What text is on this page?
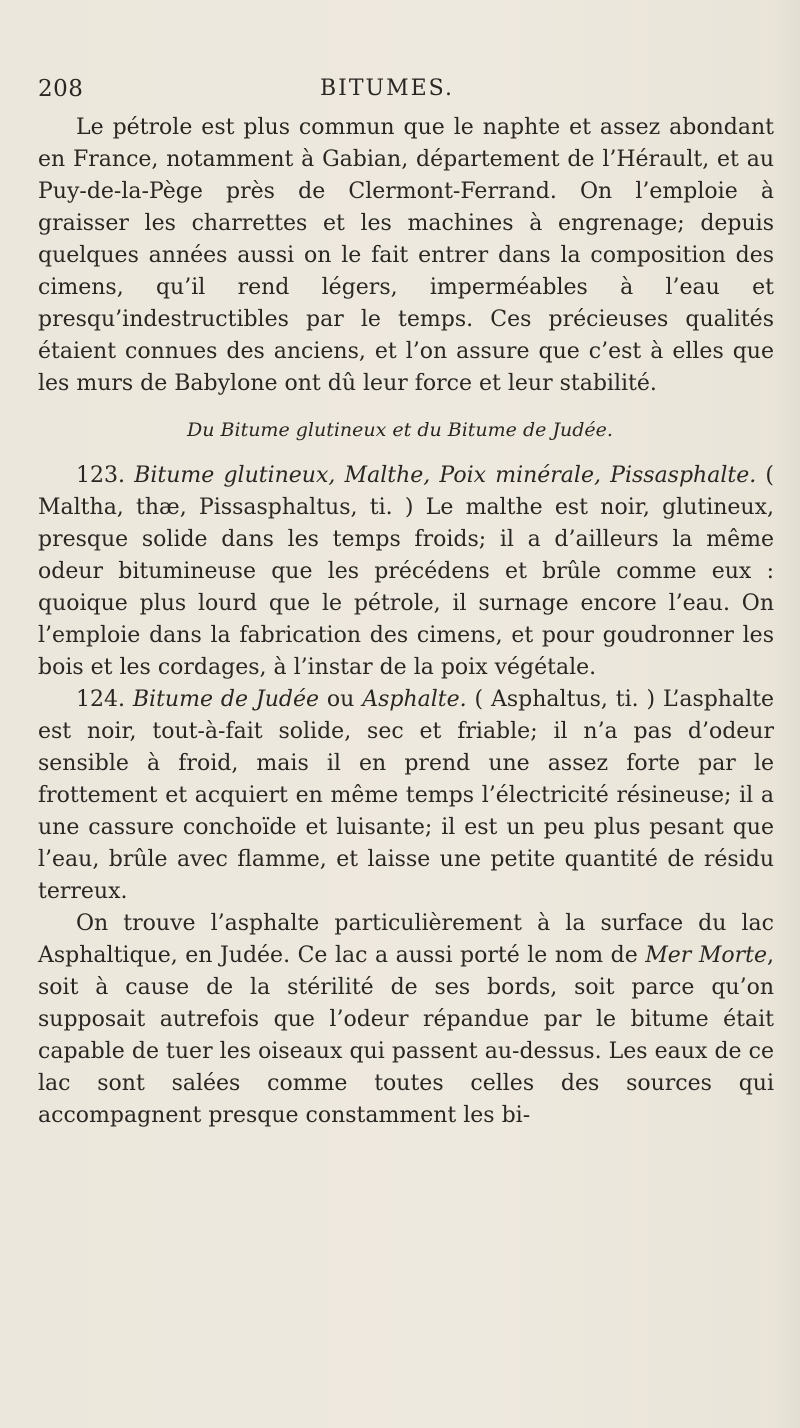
208	BITUMES.

Le pétrole est plus commun que le naphte et assez abondant en France, notamment à Gabian, département de l’Hérault, et au Puy-de-la-Pège près de Clermont-Ferrand. On l’emploie à graisser les charrettes et les machines à engrenage; depuis quelques années aussi on le fait entrer dans la composition des cimens, qu’il rend légers, imperméables à l’eau et presqu’indestructibles par le temps. Ces précieuses qualités étaient connues des anciens, et l’on assure que c’est à elles que les murs de Babylone ont dû leur force et leur stabilité.

Du Bitume glutineux et du Bitume de Judée.

123. Bitume glutineux, Malthe, Poix minérale, Pissasphalte. ( Maltha, thæ, Pissasphaltus, ti. ) Le malthe est noir, glutineux, presque solide dans les temps froids; il a d’ailleurs la même odeur bitumineuse que les précédens et brûle comme eux : quoique plus lourd que le pétrole, il surnage encore l’eau. On l’emploie dans la fabrication des cimens, et pour goudronner les bois et les cordages, à l’instar de la poix végétale.

124. Bitume de Judée ou Asphalte. ( Asphaltus, ti. ) L’asphalte est noir, tout-à-fait solide, sec et friable; il n’a pas d’odeur sensible à froid, mais il en prend une assez forte par le frottement et acquiert en même temps l’électricité résineuse; il a une cassure conchoïde et luisante; il est un peu plus pesant que l’eau, brûle avec flamme, et laisse une petite quantité de résidu terreux.

On trouve l’asphalte particulièrement à la surface du lac Asphaltique, en Judée. Ce lac a aussi porté le nom de Mer Morte, soit à cause de la stérilité de ses bords, soit parce qu’on supposait autrefois que l’odeur répandue par le bitume était capable de tuer les oiseaux qui passent au-dessus. Les eaux de ce lac sont salées comme toutes celles des sources qui accompagnent presque constamment les bi-
